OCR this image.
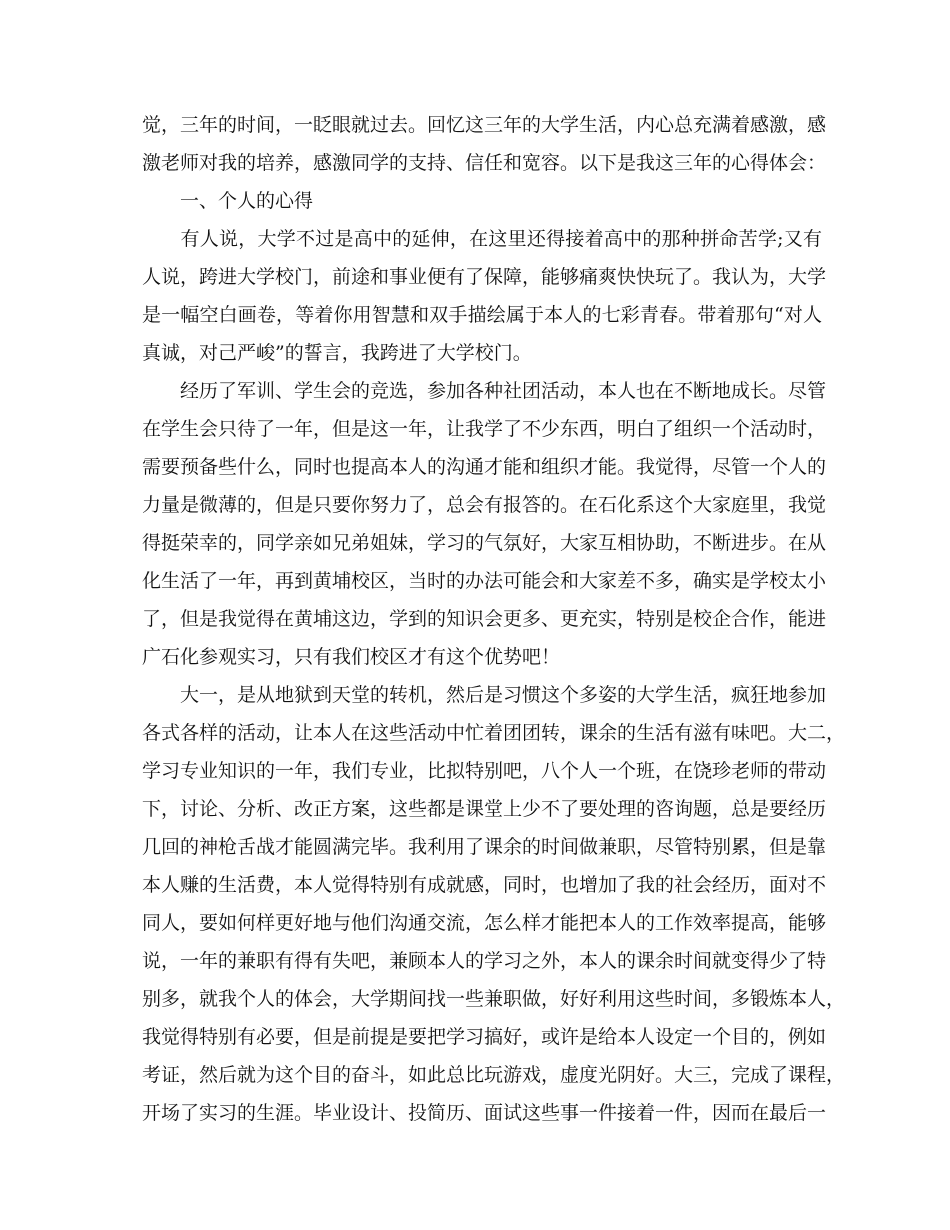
觉，三年的时间，一眨眼就过去。回忆这三年的大学生活，内心总充满着感激，感
激老师对我的培养，感激同学的支持、信任和宽容。以下是我这三年的心得体会：
　　一、个人的心得
　　有人说，大学不过是高中的延伸，在这里还得接着高中的那种拼命苦学;又有
人说，跨进大学校门，前途和事业便有了保障，能够痛爽快快玩了。我认为，大学
是一幅空白画卷，等着你用智慧和双手描绘属于本人的七彩青春。带着那句“对人
真诚，对己严峻”的誓言，我跨进了大学校门。
　　经历了军训、学生会的竞选，参加各种社团活动，本人也在不断地成长。尽管
在学生会只待了一年，但是这一年，让我学了不少东西，明白了组织一个活动时，
需要预备些什么，同时也提高本人的沟通才能和组织才能。我觉得，尽管一个人的
力量是微薄的，但是只要你努力了，总会有报答的。在石化系这个大家庭里，我觉
得挺荣幸的，同学亲如兄弟姐妹，学习的气氛好，大家互相协助，不断进步。在从
化生活了一年，再到黄埔校区，当时的办法可能会和大家差不多，确实是学校太小
了，但是我觉得在黄埔这边，学到的知识会更多、更充实，特别是校企合作，能进
广石化参观实习，只有我们校区才有这个优势吧！
　　大一，是从地狱到天堂的转机，然后是习惯这个多姿的大学生活，疯狂地参加
各式各样的活动，让本人在这些活动中忙着团团转，课余的生活有滋有味吧。大二，
学习专业知识的一年，我们专业，比拟特别吧，八个人一个班，在饶珍老师的带动
下，讨论、分析、改正方案，这些都是课堂上少不了要处理的咨询题，总是要经历
几回的神枪舌战才能圆满完毕。我利用了课余的时间做兼职，尽管特别累，但是靠
本人赚的生活费，本人觉得特别有成就感，同时，也增加了我的社会经历，面对不
同人，要如何样更好地与他们沟通交流，怎么样才能把本人的工作效率提高，能够
说，一年的兼职有得有失吧，兼顾本人的学习之外，本人的课余时间就变得少了特
别多，就我个人的体会，大学期间找一些兼职做，好好利用这些时间，多锻炼本人，
我觉得特别有必要，但是前提是要把学习搞好，或许是给本人设定一个目的，例如
考证，然后就为这个目的奋斗，如此总比玩游戏，虚度光阴好。大三，完成了课程，
开场了实习的生涯。毕业设计、投简历、面试这些事一件接着一件，因而在最后一
